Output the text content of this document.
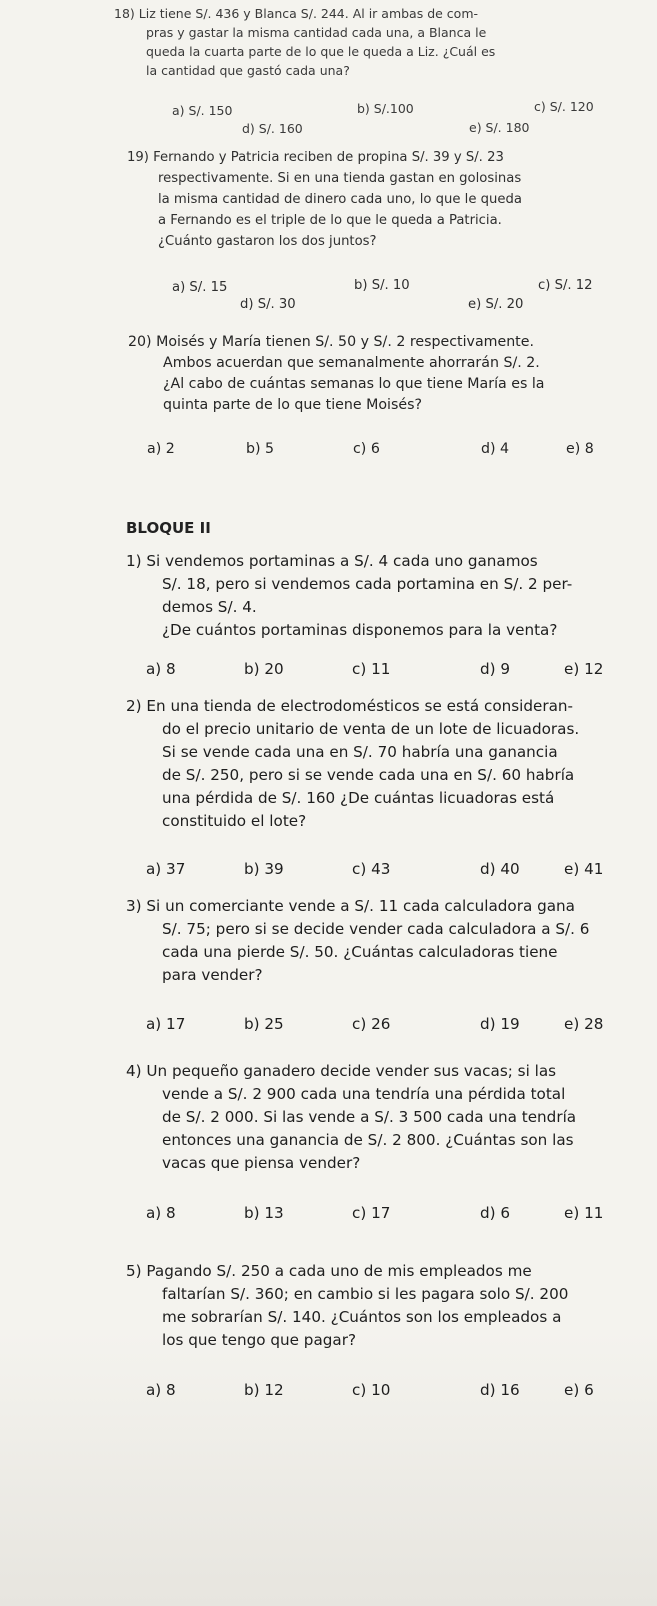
18) Liz tiene S/. 436 y Blanca S/. 244. Al ir ambas de com-
pras y gastar la misma cantidad cada una, a Blanca le
queda la cuarta parte de lo que le queda a Liz. ¿Cuál es
la cantidad que gastó cada una?
a) S/. 150	b) S/.100	c) S/. 120
d) S/. 160	e) S/. 180
19) Fernando y Patricia reciben de propina S/. 39 y S/. 23
respectivamente. Si en una tienda gastan en golosinas
la misma cantidad de dinero cada uno, lo que le queda
a Fernando es el triple de lo que le queda a Patricia.
¿Cuánto gastaron los dos juntos?
a) S/. 15	b) S/. 10	c) S/. 12
d) S/. 30	e) S/. 20
20) Moisés y María tienen S/. 50 y S/. 2 respectivamente.
Ambos acuerdan que semanalmente ahorrarán S/. 2.
¿Al cabo de cuántas semanas lo que tiene María es la
quinta parte de lo que tiene Moisés?
a) 2	b) 5	c) 6	d) 4	e) 8
BLOQUE II
1) Si vendemos portaminas a S/. 4 cada uno ganamos
S/. 18, pero si vendemos cada portamina en S/. 2 per-
demos S/. 4.
¿De cuántos portaminas disponemos para la venta?
a) 8	b) 20	c) 11	d) 9	e) 12
2) En una tienda de electrodomésticos se está consideran-
do el precio unitario de venta de un lote de licuadoras.
Si se vende cada una en S/. 70 habría una ganancia
de S/. 250, pero si se vende cada una en S/. 60 habría
una pérdida de S/. 160 ¿De cuántas licuadoras está
constituido el lote?
a) 37	b) 39	c) 43	d) 40	e) 41
3) Si un comerciante vende a S/. 11 cada calculadora gana
S/. 75; pero si se decide vender cada calculadora a S/. 6
cada una pierde S/. 50. ¿Cuántas calculadoras tiene
para vender?
a) 17	b) 25	c) 26	d) 19	e) 28
4) Un pequeño ganadero decide vender sus vacas; si las
vende a S/. 2 900 cada una tendría una pérdida total
de S/. 2 000. Si las vende a S/. 3 500 cada una tendría
entonces una ganancia de S/. 2 800. ¿Cuántas son las
vacas que piensa vender?
a) 8	b) 13	c) 17	d) 6	e) 11
5) Pagando S/. 250 a cada uno de mis empleados me
faltarían S/. 360; en cambio si les pagara solo S/. 200
me sobrarían S/. 140. ¿Cuántos son los empleados a
los que tengo que pagar?
a) 8	b) 12	c) 10	d) 16	e) 6
